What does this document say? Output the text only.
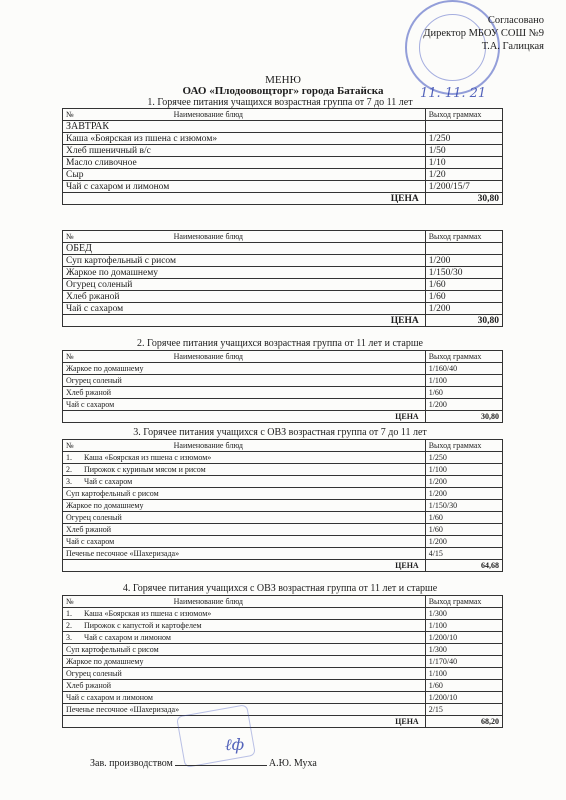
Согласовано
Директор МБОУ СОШ №9
Т.А. Галицкая
11. 11. 21
МЕНЮ
ОАО «Плодоовощторг» города Батайска
1. Горячее питания учащихся возрастная группа от 7 до 11 лет
№ Наименование блюд	Выход граммах
ЗАВТРАК	
Каша «Боярская из пшена с изюмом»	1/250
Хлеб пшеничный в/с	1/50
Масло сливочное	1/10
Сыр	1/20
Чай с сахаром и лимоном	1/200/15/7
ЦЕНА	30,80
№ Наименование блюд	Выход граммах
ОБЕД	
Суп картофельный с рисом	1/200
Жаркое по домашнему	1/150/30
Огурец соленый	1/60
Хлеб ржаной	1/60
Чай с сахаром	1/200
ЦЕНА	30,80
2. Горячее питания учащихся возрастная группа от 11 лет и старше
№ Наименование блюд	Выход граммах
Жаркое по домашнему	1/160/40
Огурец соленый	1/100
Хлеб ржаной	1/60
Чай с сахаром	1/200
ЦЕНА	30,80
3. Горячее питания учащихся с ОВЗ возрастная группа от 7 до 11 лет
№ Наименование блюд	Выход граммах
1. Каша «Боярская из пшена с изюмом»	1/250
2. Пирожок с куриным мясом и рисом	1/100
3. Чай с сахаром	1/200
Суп картофельный с рисом	1/200
Жаркое по домашнему	1/150/30
Огурец соленый	1/60
Хлеб ржаной	1/60
Чай с сахаром	1/200
Печенье песочное «Шахеризада»	4/15
ЦЕНА	64,68
4. Горячее питания учащихся с ОВЗ возрастная группа от 11 лет и старше
№ Наименование блюд	Выход граммах
1. Каша «Боярская из пшена с изюмом»	1/300
2. Пирожок с капустой и картофелем	1/100
3. Чай с сахаром и лимоном	1/200/10
Суп картофельный с рисом	1/300
Жаркое по домашнему	1/170/40
Огурец соленый	1/100
Хлеб ржаной	1/60
Чай с сахаром и лимоном	1/200/10
Печенье песочное «Шахеризада»	2/15
ЦЕНА	68,20
ℓф
Зав. производством	А.Ю. Муха
